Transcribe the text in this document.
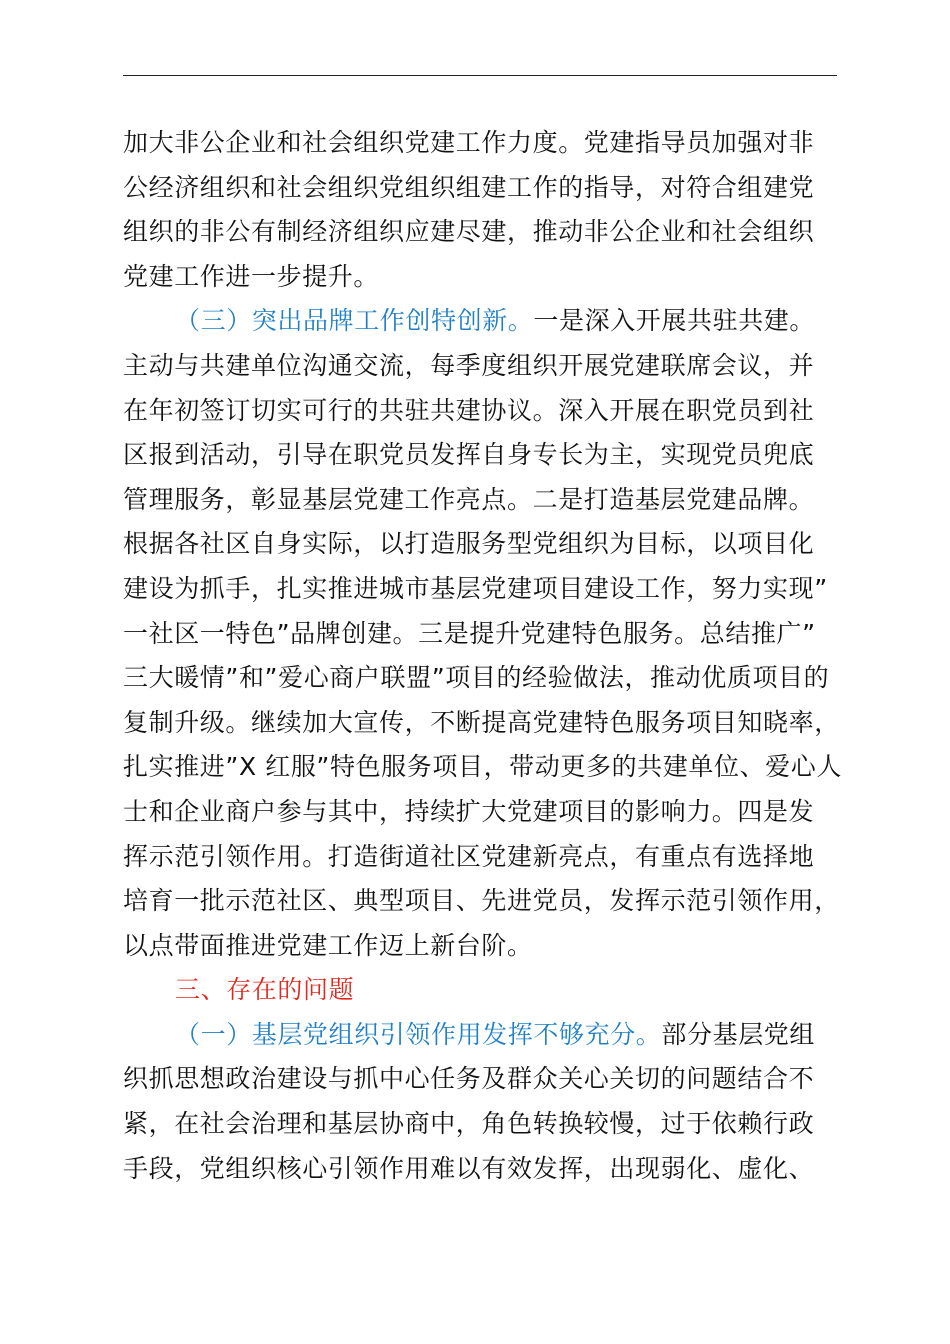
加大非公企业和社会组织党建工作力度。党建指导员加强对非
公经济组织和社会组织党组织组建工作的指导，对符合组建党
组织的非公有制经济组织应建尽建，推动非公企业和社会组织
党建工作进一步提升。
（三）突出品牌工作创特创新。一是深入开展共驻共建。
主动与共建单位沟通交流，每季度组织开展党建联席会议，并
在年初签订切实可行的共驻共建协议。深入开展在职党员到社
区报到活动，引导在职党员发挥自身专长为主，实现党员兜底
管理服务，彰显基层党建工作亮点。二是打造基层党建品牌。
根据各社区自身实际，以打造服务型党组织为目标，以项目化
建设为抓手，扎实推进城市基层党建项目建设工作，努力实现”
一社区一特色”品牌创建。三是提升党建特色服务。总结推广”
三大暖情”和”爱心商户联盟”项目的经验做法，推动优质项目的
复制升级。继续加大宣传，不断提高党建特色服务项目知晓率，
扎实推进”X 红服”特色服务项目，带动更多的共建单位、爱心人
士和企业商户参与其中，持续扩大党建项目的影响力。四是发
挥示范引领作用。打造街道社区党建新亮点，有重点有选择地
培育一批示范社区、典型项目、先进党员，发挥示范引领作用，
以点带面推进党建工作迈上新台阶。
三、存在的问题
（一）基层党组织引领作用发挥不够充分。部分基层党组
织抓思想政治建设与抓中心任务及群众关心关切的问题结合不
紧，在社会治理和基层协商中，角色转换较慢，过于依赖行政
手段，党组织核心引领作用难以有效发挥，出现弱化、虚化、
